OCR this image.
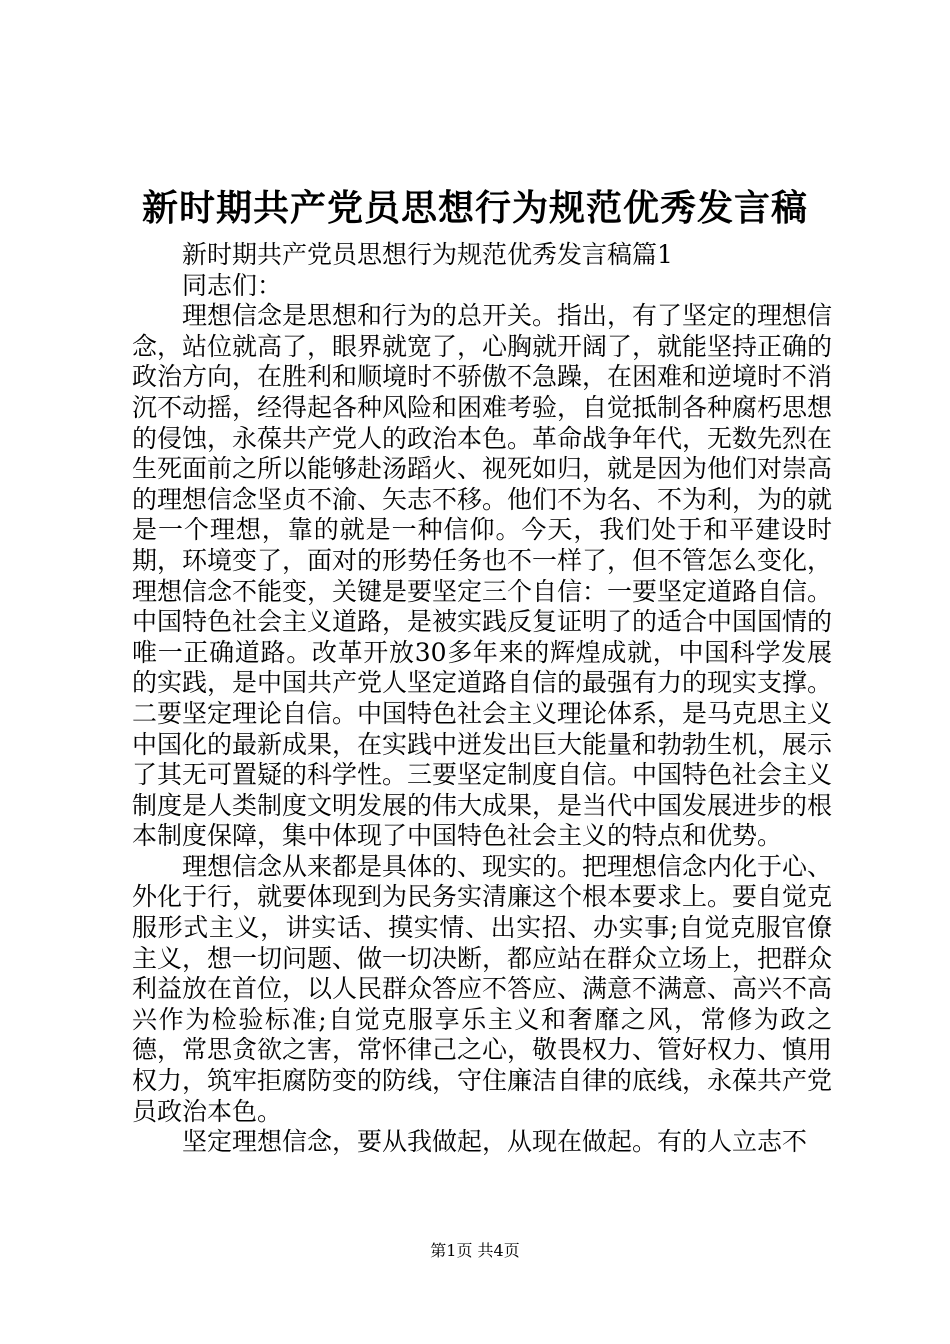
新时期共产党员思想行为规范优秀发言稿

新时期共产党员思想行为规范优秀发言稿篇1

同志们：

理想信念是思想和行为的总开关。指出，有了坚定的理想信念，站位就高了，眼界就宽了，心胸就开阔了，就能坚持正确的政治方向，在胜利和顺境时不骄傲不急躁，在困难和逆境时不消沉不动摇，经得起各种风险和困难考验，自觉抵制各种腐朽思想的侵蚀，永葆共产党人的政治本色。革命战争年代，无数先烈在生死面前之所以能够赴汤蹈火、视死如归，就是因为他们对崇高的理想信念坚贞不渝、矢志不移。他们不为名、不为利，为的就是一个理想，靠的就是一种信仰。今天，我们处于和平建设时期，环境变了，面对的形势任务也不一样了，但不管怎么变化，理想信念不能变，关键是要坚定三个自信：一要坚定道路自信。中国特色社会主义道路，是被实践反复证明了的适合中国国情的唯一正确道路。改革开放30多年来的辉煌成就，中国科学发展的实践，是中国共产党人坚定道路自信的最强有力的现实支撑。二要坚定理论自信。中国特色社会主义理论体系，是马克思主义中国化的最新成果，在实践中迸发出巨大能量和勃勃生机，展示了其无可置疑的科学性。三要坚定制度自信。中国特色社会主义制度是人类制度文明发展的伟大成果，是当代中国发展进步的根本制度保障，集中体现了中国特色社会主义的特点和优势。

理想信念从来都是具体的、现实的。把理想信念内化于心、外化于行，就要体现到为民务实清廉这个根本要求上。要自觉克服形式主义，讲实话、摸实情、出实招、办实事;自觉克服官僚主义，想一切问题、做一切决断，都应站在群众立场上，把群众利益放在首位，以人民群众答应不答应、满意不满意、高兴不高兴作为检验标准;自觉克服享乐主义和奢靡之风，常修为政之德，常思贪欲之害，常怀律己之心，敬畏权力、管好权力、慎用权力，筑牢拒腐防变的防线，守住廉洁自律的底线，永葆共产党员政治本色。

坚定理想信念，要从我做起，从现在做起。有的人立志不

第1页 共4页
